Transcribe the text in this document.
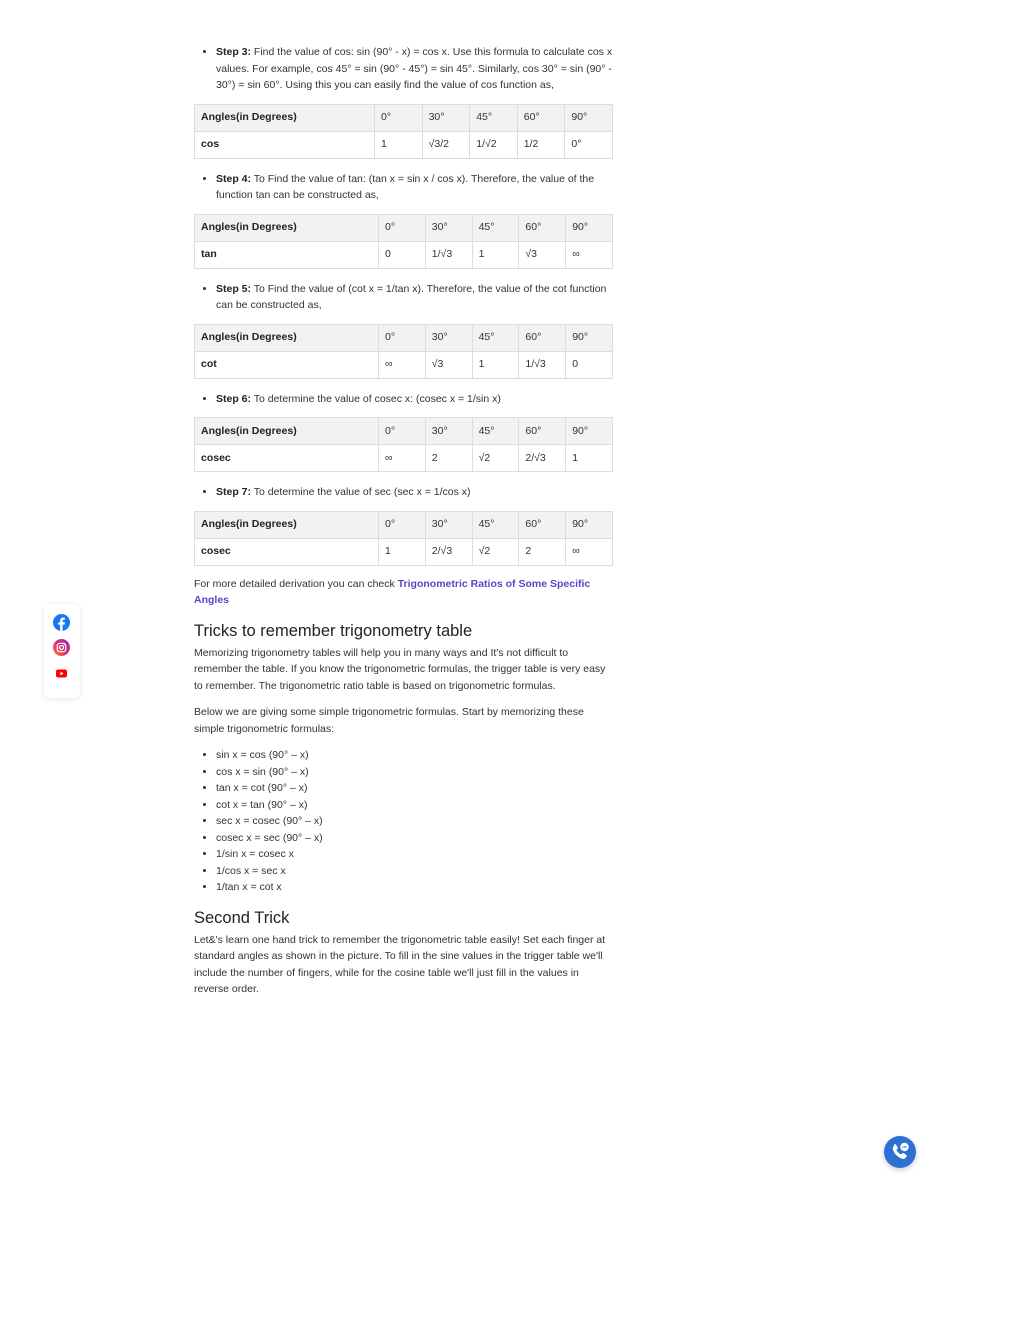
• Step 3: Find the value of cos: sin (90° - x) = cos x. Use this formula to calculate cos x values. For example, cos 45° = sin (90° - 45°) = sin 45°. Similarly, cos 30° = sin (90° - 30°) = sin 60°. Using this you can easily find the value of cos function as,
Angles(in Degrees)	0°	30°	45°	60°	90°
cos	1	√3/2	1/√2	1/2	0°
• Step 4: To Find the value of tan: (tan x = sin x / cos x). Therefore, the value of the function tan can be constructed as,
Angles(in Degrees)	0°	30°	45°	60°	90°
tan	0	1/√3	1	√3	∞
• Step 5: To Find the value of (cot x = 1/tan x). Therefore, the value of the cot function can be constructed as,
Angles(in Degrees)	0°	30°	45°	60°	90°
cot	∞	√3	1	1/√3	0
• Step 6: To determine the value of cosec x: (cosec x = 1/sin x)
Angles(in Degrees)	0°	30°	45°	60°	90°
cosec	∞	2	√2	2/√3	1
• Step 7: To determine the value of sec (sec x = 1/cos x)
Angles(in Degrees)	0°	30°	45°	60°	90°
cosec	1	2/√3	√2	2	∞

For more detailed derivation you can check Trigonometric Ratios of Some Specific Angles

Tricks to remember trigonometry table

Memorizing trigonometry tables will help you in many ways and It's not difficult to remember the table. If you know the trigonometric formulas, the trigger table is very easy to remember. The trigonometric ratio table is based on trigonometric formulas.

Below we are giving some simple trigonometric formulas. Start by memorizing these simple trigonometric formulas:

• sin x = cos (90° – x)
• cos x = sin (90° – x)
• tan x = cot (90° – x)
• cot x = tan (90° – x)
• sec x = cosec (90° – x)
• cosec x = sec (90° – x)
• 1/sin x = cosec x
• 1/cos x = sec x
• 1/tan x = cot x
Second Trick

Let&'s learn one hand trick to remember the trigonometric table easily! Set each finger at standard angles as shown in the picture. To fill in the sine values in the trigger table we'll include the number of fingers, while for the cosine table we'll just fill in the values in reverse order.
